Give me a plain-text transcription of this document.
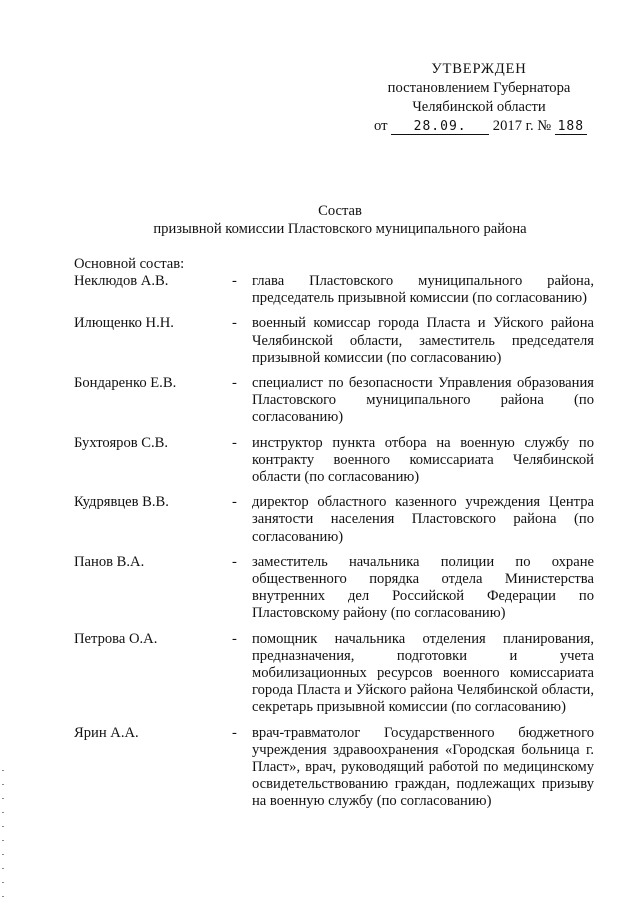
УТВЕРЖДЕН
постановлением Губернатора
Челябинской области
от 28.09. 2017 г. № 188
Состав
призывной комиссии Пластовского муниципального района
Основной состав:
Неклюдов А.В.	-	глава Пластовского муниципального района, председатель призывной комиссии (по согласованию)
Илющенко Н.Н.	-	военный комиссар города Пласта и Уйского района Челябинской области, заместитель председателя призывной комиссии (по согласованию)
Бондаренко Е.В.	-	специалист по безопасности Управления образования Пластовского муниципального района (по согласованию)
Бухтояров С.В.	-	инструктор пункта отбора на военную службу по контракту военного комиссариата Челябинской области (по согласованию)
Кудрявцев В.В.	-	директор областного казенного учреждения Центра занятости населения Пластовского района (по согласованию)
Панов В.А.	-	заместитель начальника полиции по охране общественного порядка отдела Министерства внутренних дел Российской Федерации по Пластовскому району (по согласованию)
Петрова О.А.	-	помощник начальника отделения планирования, предназначения, подготовки и учета мобилизационных ресурсов военного комиссариата города Пласта и Уйского района Челябинской области, секретарь призывной комиссии (по согласованию)
Ярин А.А.	-	врач-травматолог Государственного бюджетного учреждения здравоохранения «Городская больница г. Пласт», врач, руководящий работой по медицинскому освидетельствованию граждан, подлежащих призыву на военную службу (по согласованию)
